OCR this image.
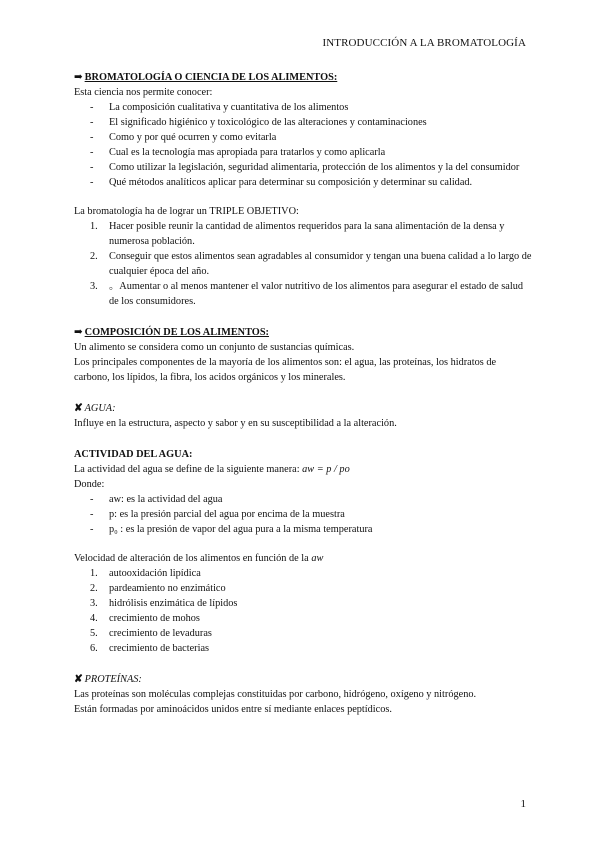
INTRODUCCIÓN A LA BROMATOLOGÍA

➡ BROMATOLOGÍA O CIENCIA DE LOS ALIMENTOS:

Esta ciencia nos permite conocer:

- La composición cualitativa y cuantitativa de los alimentos
- El significado higiénico y toxicológico de las alteraciones y contaminaciones
- Como y por qué ocurren y como evitarla
- Cual es la tecnología mas apropiada para tratarlos y como aplicarla
- Como utilizar la legislación, seguridad alimentaria, protección de los alimentos y la del consumidor
- Qué métodos analíticos aplicar para determinar su composición y determinar su calidad.

La bromatología ha de lograr un TRIPLE OBJETIVO:

1. Hacer posible reunir la cantidad de alimentos requeridos para la sana alimentación de la densa y numerosa población.
2. Conseguir que estos alimentos sean agradables al consumidor y tengan una buena calidad a lo largo de cualquier época del año.
3. 。Aumentar o al menos mantener el valor nutritivo de los alimentos para asegurar el estado de salud de los consumidores.

➡ COMPOSICIÓN DE LOS ALIMENTOS:

Un alimento se considera como un conjunto de sustancias químicas.

Los principales componentes de la mayoría de los alimentos son: el agua, las proteínas, los hidratos de carbono, los lípidos, la fibra, los acidos orgánicos y los minerales.

✘ AGUA:

Influye en la estructura, aspecto y sabor y en su susceptibilidad a la alteración.

ACTIVIDAD DEL AGUA:

La actividad del agua se define de la siguiente manera: aw = p / po

Donde:

- aw: es la actividad del agua
- p: es la presión parcial del agua por encima de la muestra
- p₀ : es la presión de vapor del agua pura a la misma temperatura

Velocidad de alteración de los alimentos en función de la aw

1. autooxidación lipídica
2. pardeamiento no enzimático
3. hidrólisis enzimática de lípidos
4. crecimiento de mohos
5. crecimiento de levaduras
6. crecimiento de bacterias

✘ PROTEÍNAS:

Las proteínas son moléculas complejas constituidas por carbono, hidrógeno, oxígeno y nitrógeno.

Están formadas por aminoácidos unidos entre sí mediante enlaces peptídicos.

1
